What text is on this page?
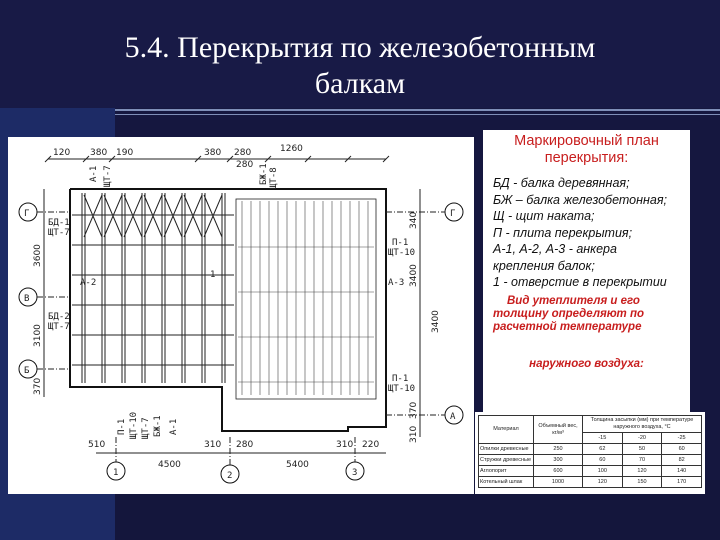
5.4. Перекрытия по железобетонным
балкам
120 380 190	380	1260
280
280
Г
В
Б
Г
А
1	2	3
3600
3100
370
340
3400
3400
370
310
510	310 280
4500	5400
310 220
БД-1
ЩТ-7
А-2
БД-2
ЩТ-7
П-1
ЩТ-10
П-1
ЩТ-10
А-3
А-1	БЖ-1
ЩТ-7	ЩТ-8
П-1 ЩТ-10 ЩТ-7 А-1
БЖ-1
1
Маркировочный план
перекрытия:
БД - балка деревянная;
БЖ – балка железобетонная;
Щ - щит наката;
П - плита перекрытия;
А-1, А-2, А-3 - анкера
крепления балок;
1 - отверстие в перекрытии
Вид утеплителя и его
толщину определяют по
расчетной температуре
наружного воздуха:
Материал	Объемный вес, кг/м³	Толщина засыпки (мм) при температуре наружного воздуха, °С		
		-15	-20	-25
Опилки древесные	250	62	50	60
Стружки древесные	300	60	70	82
Аглопорит	600	100	120	140
Котельный шлак	1000	120	150	170
